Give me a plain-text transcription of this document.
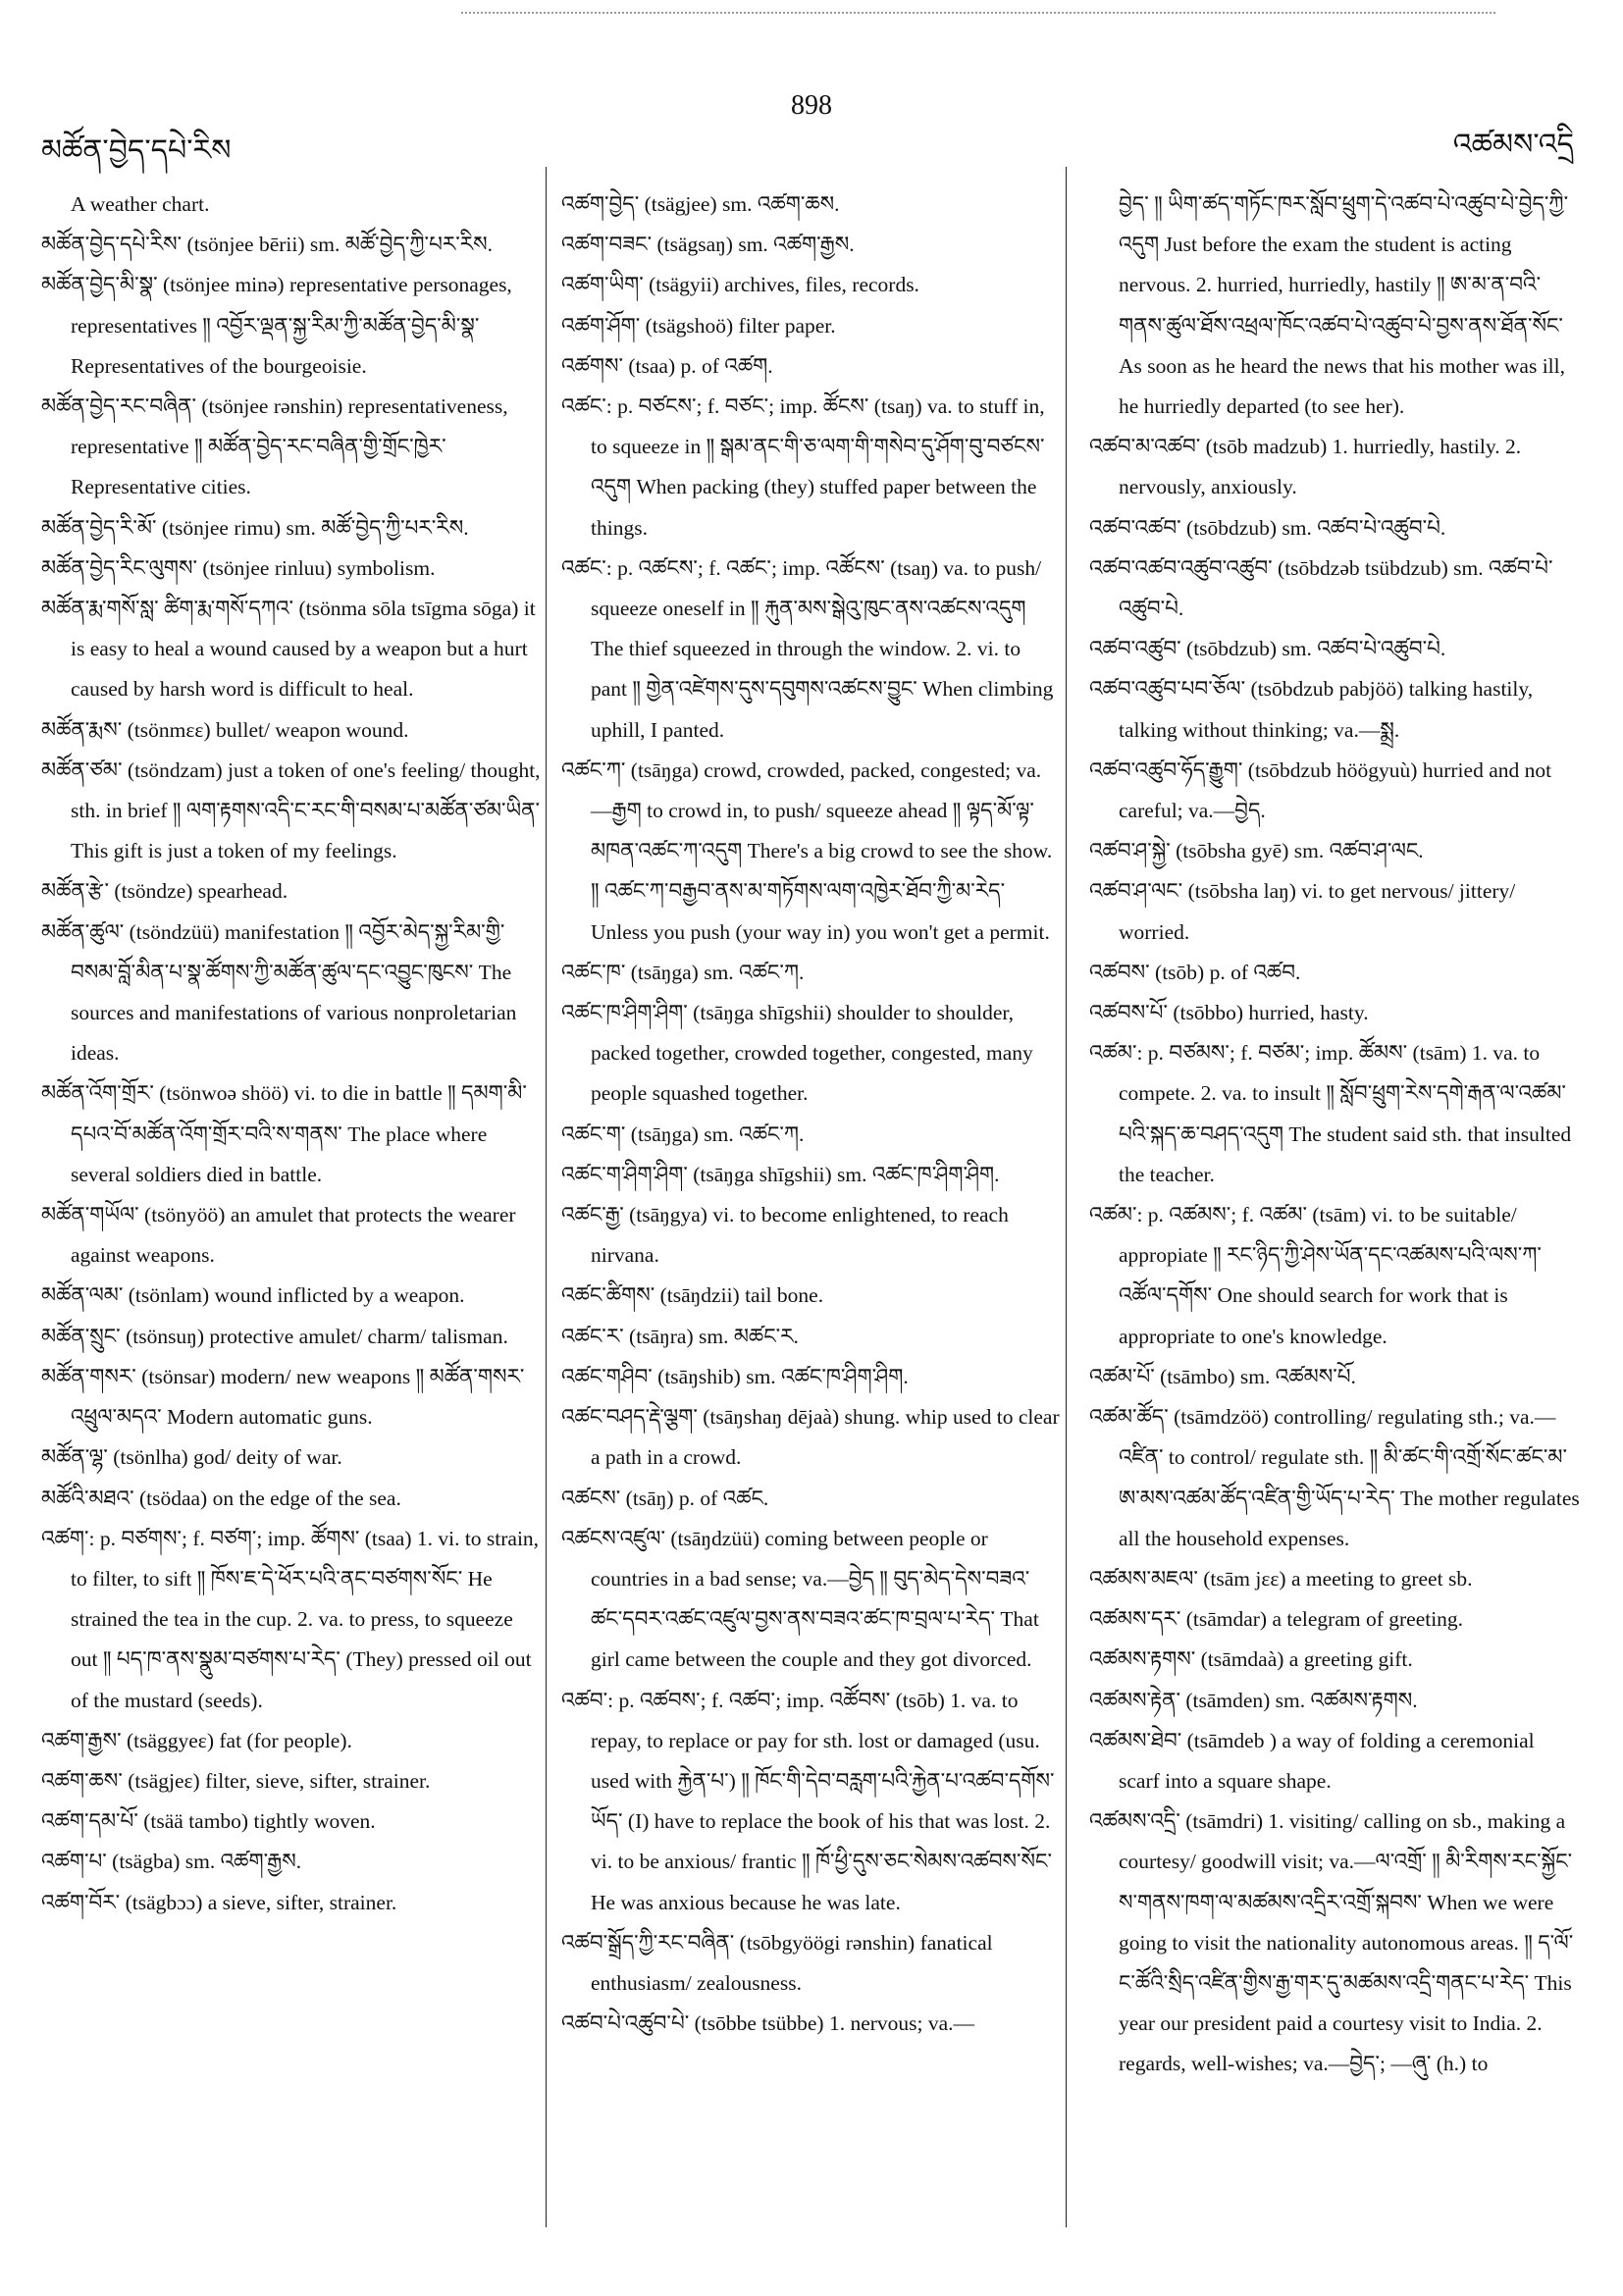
མཚོན་བྱེད་དཔེ་རིས
898
འཚམས་འདྲི

A weather chart.

མཚོན་བྱེད་དཔེ་རིས་ (tsönjee bērii) sm. མཚོ་བྱེད་ཀྱི་པར་རིས.

མཚོན་བྱེད་མི་སྣ་ (tsönjee minə) representative personages, representatives ༎ འབྱོར་ལྡན་སྐྱ་རིམ་ཀྱི་མཚོན་བྱེད་མི་སྣ་ Representatives of the bourgeoisie.

མཚོན་བྱེད་རང་བཞིན་ (tsönjee rənshin) representativeness, representative ༎ མཚོན་བྱེད་རང་བཞིན་གྱི་གྲོང་ཁྱེར་ Representative cities.

མཚོན་བྱེད་རི་མོ་ (tsönjee rimu) sm. མཚོ་བྱེད་ཀྱི་པར་རིས.

མཚོན་བྱེད་རིང་ལུགས་ (tsönjee rinluu) symbolism.

མཚོན་རྨ་གསོ་སླ་ ཚིག་རྨ་གསོ་དཀའ་ (tsönma sōla tsīgma sōga) it is easy to heal a wound caused by a weapon but a hurt caused by harsh word is difficult to heal.

མཚོན་རྨས་ (tsönmεε) bullet/ weapon wound.

མཚོན་ཙམ་ (tsöndzam) just a token of one's feeling/ thought, sth. in brief ༎ ལག་རྟགས་འདི་ང་རང་གི་བསམ་པ་མཚོན་ཙམ་ཡིན་ This gift is just a token of my feelings.

མཚོན་རྩེ་ (tsöndze) spearhead.

མཚོན་ཚུལ་ (tsöndzüü) manifestation ༎ འབྱོར་མེད་སྐྱ་རིམ་གྱི་བསམ་བློ་མིན་པ་སྣ་ཚོགས་ཀྱི་མཚོན་ཚུལ་དང་འབྱུང་ཁུངས་ The sources and manifestations of various nonproletarian ideas.

མཚོན་འོག་གྲོར་ (tsönwoə shöö) vi. to die in battle ༎ དམག་མི་དཔའ་བོ་མཚོན་འོག་གྲོར་བའི་ས་གནས་ The place where several soldiers died in battle.

མཚོན་གཡོལ་ (tsönyöö) an amulet that protects the wearer against weapons.

མཚོན་ལམ་ (tsönlam) wound inflicted by a weapon.

མཚོན་སྲུང་ (tsönsuŋ) protective amulet/ charm/ talisman.

མཚོན་གསར་ (tsönsar) modern/ new weapons ༎ མཚོན་གསར་འཕྲུལ་མདའ་ Modern automatic guns.

མཚོན་ལྷ་ (tsönlha) god/ deity of war.

མཚོའི་མཐའ་ (tsödaa) on the edge of the sea.

འཚག་: p. བཙགས་; f. བཙག་; imp. ཚོགས་ (tsaa) 1. vi. to strain, to filter, to sift ༎ ཁོས་ཇ་དེ་ཕོར་པའི་ནང་བཙགས་སོང་ He strained the tea in the cup. 2. va. to press, to squeeze out ༎ པད་ཁ་ནས་སྣུམ་བཙགས་པ་རེད་ (They) pressed oil out of the mustard (seeds).

འཚག་རྒྱས་ (tsäggyeε) fat (for people).

འཚག་ཆས་ (tsägjeε) filter, sieve, sifter, strainer.

འཚག་དམ་པོ་ (tsää tambo) tightly woven.

འཚག་པ་ (tsägba) sm. འཚག་རྒྱས.

འཚག་བོར་ (tsägbɔɔ) a sieve, sifter, strainer.

འཚག་བྱེད་ (tsägjee) sm. འཚག་ཆས.

འཚག་བཟང་ (tsägsaŋ) sm. འཚག་རྒྱས.

འཚག་ཡིག་ (tsägyii) archives, files, records.

འཚག་ཤོག་ (tsägshoö) filter paper.

འཚགས་ (tsaa) p. of འཚག.

འཚང་: p. བཙངས་; f. བཙང་; imp. ཚོངས་ (tsaŋ) va. to stuff in, to squeeze in ༎ སྒམ་ནང་གི་ཅ་ལག་གི་གསེབ་དུ་ཤོག་བུ་བཙངས་འདུག When packing (they) stuffed paper between the things.

འཚང་: p. འཚངས་; f. འཚང་; imp. འཚོངས་ (tsaŋ) va. to push/ squeeze oneself in ༎ རྐུན་མས་སྒེའུ་ཁུང་ནས་འཚངས་འདུག The thief squeezed in through the window. 2. vi. to pant ༎ གྱེན་འཛེགས་དུས་དབུགས་འཚངས་བྱུང་ When climbing uphill, I panted.

འཚང་ཀ་ (tsāŋga) crowd, crowded, packed, congested; va.—རྒྱག to crowd in, to push/ squeeze ahead ༎ ལྟད་མོ་ལྟ་མཁན་འཚང་ཀ་འདུག There's a big crowd to see the show. ༎ འཚང་ཀ་བརྒྱབ་ནས་མ་གཏོགས་ལག་འཁྱེར་ཐོབ་ཀྱི་མ་རེད་ Unless you push (your way in) you won't get a permit.

འཚང་ཁ་ (tsāŋga) sm. འཚང་ཀ.

འཚང་ཁ་ཤིག་ཤིག་ (tsāŋga shīgshii) shoulder to shoulder, packed together, crowded together, congested, many people squashed together.

འཚང་ག་ (tsāŋga) sm. འཚང་ཀ.

འཚང་ག་ཤིག་ཤིག་ (tsāŋga shīgshii) sm. འཚང་ཁ་ཤིག་ཤིག.

འཚང་རྒྱ་ (tsāŋgya) vi. to become enlightened, to reach nirvana.

འཚང་ཚིགས་ (tsāŋdzii) tail bone.

འཚང་ར་ (tsāŋra) sm. མཚང་ར.

འཚང་གཤིབ་ (tsāŋshib) sm. འཚང་ཁ་ཤིག་ཤིག.

འཚང་བཤད་རྡེ་ལྕག་ (tsāŋshaŋ dējaà) shung. whip used to clear a path in a crowd.

འཚངས་ (tsāŋ) p. of འཚང.

འཚངས་འཛུལ་ (tsāŋdzüü) coming between people or countries in a bad sense; va.—བྱེད ༎ བུད་མེད་དེས་བཟའ་ཚང་དབར་འཚང་འཛུལ་བྱས་ནས་བཟའ་ཚང་ཁ་བྲལ་པ་རེད་ That girl came between the couple and they got divorced.

འཚབ་: p. འཚབས་; f. འཚབ་; imp. འཚོབས་ (tsōb) 1. va. to repay, to replace or pay for sth. lost or damaged (usu. used with རྐྱེན་པ་) ༎ ཁོང་གི་དེབ་བརླག་པའི་རྐྱེན་པ་འཚབ་དགོས་ཡོད་ (I) have to replace the book of his that was lost. 2. vi. to be anxious/ frantic ༎ ཁོ་ཕྱི་དུས་ཅང་སེམས་འཚབས་སོང་ He was anxious because he was late.

འཚབ་སྒྲོད་ཀྱི་རང་བཞིན་ (tsōbgyöögi rənshin) fanatical enthusiasm/ zealousness.

འཚབ་པེ་འཚུབ་པེ་ (tsōbbe tsübbe) 1. nervous; va.—

བྱེད་ ༎ ཡིག་ཚད་གཏོང་ཁར་སློབ་ཕྲུག་དེ་འཚབ་པེ་འཚུབ་པེ་བྱེད་ཀྱི་འདུག Just before the exam the student is acting nervous. 2. hurried, hurriedly, hastily ༎ ཨ་མ་ན་བའི་གནས་ཚུལ་ཐོས་འཕྲལ་ཁོང་འཚབ་པེ་འཚུབ་པེ་བྱས་ནས་ཐོན་སོང་ As soon as he heard the news that his mother was ill, he hurriedly departed (to see her).

འཚབ་མ་འཚབ་ (tsōb madzub) 1. hurriedly, hastily. 2. nervously, anxiously.

འཚབ་འཚབ་ (tsōbdzub) sm. འཚབ་པེ་འཚུབ་པེ.

འཚབ་འཚབ་འཚུབ་འཚུབ་ (tsōbdzəb tsübdzub) sm. འཚབ་པེ་འཚུབ་པེ.

འཚབ་འཚུབ་ (tsōbdzub) sm. འཚབ་པེ་འཚུབ་པེ.

འཚབ་འཚུབ་པབ་ཅོལ་ (tsōbdzub pabjöö) talking hastily, talking without thinking; va.—སྨྲ.

འཚབ་འཚུབ་ཧོད་རྒྱུག་ (tsōbdzub höögyuù) hurried and not careful; va.—བྱེད.

འཚབ་ཤ་སྐྱེ་ (tsōbsha gyē) sm. འཚབ་ཤ་ལང.

འཚབ་ཤ་ལང་ (tsōbsha laŋ) vi. to get nervous/ jittery/ worried.

འཚབས་ (tsōb) p. of འཚབ.

འཚབས་པོ་ (tsōbbo) hurried, hasty.

འཚམ་: p. བཙམས་; f. བཙམ་; imp. ཚོམས་ (tsām) 1. va. to compete. 2. va. to insult ༎ སློབ་ཕྲུག་རེས་དགེ་རྒན་ལ་འཚམ་པའི་སྐད་ཆ་བཤད་འདུག The student said sth. that insulted the teacher.

འཚམ་: p. འཚམས་; f. འཚམ་ (tsām) vi. to be suitable/ appropiate ༎ རང་ཉིད་ཀྱི་ཤེས་ཡོན་དང་འཚམས་པའི་ལས་ཀ་འཚོལ་དགོས་ One should search for work that is appropriate to one's knowledge.

འཚམ་པོ་ (tsāmbo) sm. འཚམས་པོ.

འཚམ་ཚོད་ (tsāmdzöö) controlling/ regulating sth.; va.—འཛིན་ to control/ regulate sth. ༎ མི་ཚང་གི་འགྲོ་སོང་ཚང་མ་ཨ་མས་འཚམ་ཚོད་འཛིན་གྱི་ཡོད་པ་རེད་ The mother regulates all the household expenses.

འཚམས་མཇལ་ (tsām jεε) a meeting to greet sb.

འཚམས་དར་ (tsāmdar) a telegram of greeting.

འཚམས་རྟགས་ (tsāmdaà) a greeting gift.

འཚམས་རྟེན་ (tsāmden) sm. འཚམས་རྟགས.

འཚམས་ཐེབ་ (tsāmdeb ) a way of folding a ceremonial scarf into a square shape.

འཚམས་འདྲི་ (tsāmdri) 1. visiting/ calling on sb., making a courtesy/ goodwill visit; va.—ལ་འགྲོ་ ༎ མི་རིགས་རང་སྐྱོང་ས་གནས་ཁག་ལ་མཚམས་འདྲིར་འགྲོ་སྐབས་ When we were going to visit the nationality autonomous areas. ༎ ད་ལོ་ང་ཚོའི་སྲིད་འཛིན་གྱིས་རྒྱ་གར་དུ་མཚམས་འདྲི་གནང་པ་རེད་ This year our president paid a courtesy visit to India. 2. regards, well-wishes; va.—བྱེད་; —ཞུ་ (h.) to
